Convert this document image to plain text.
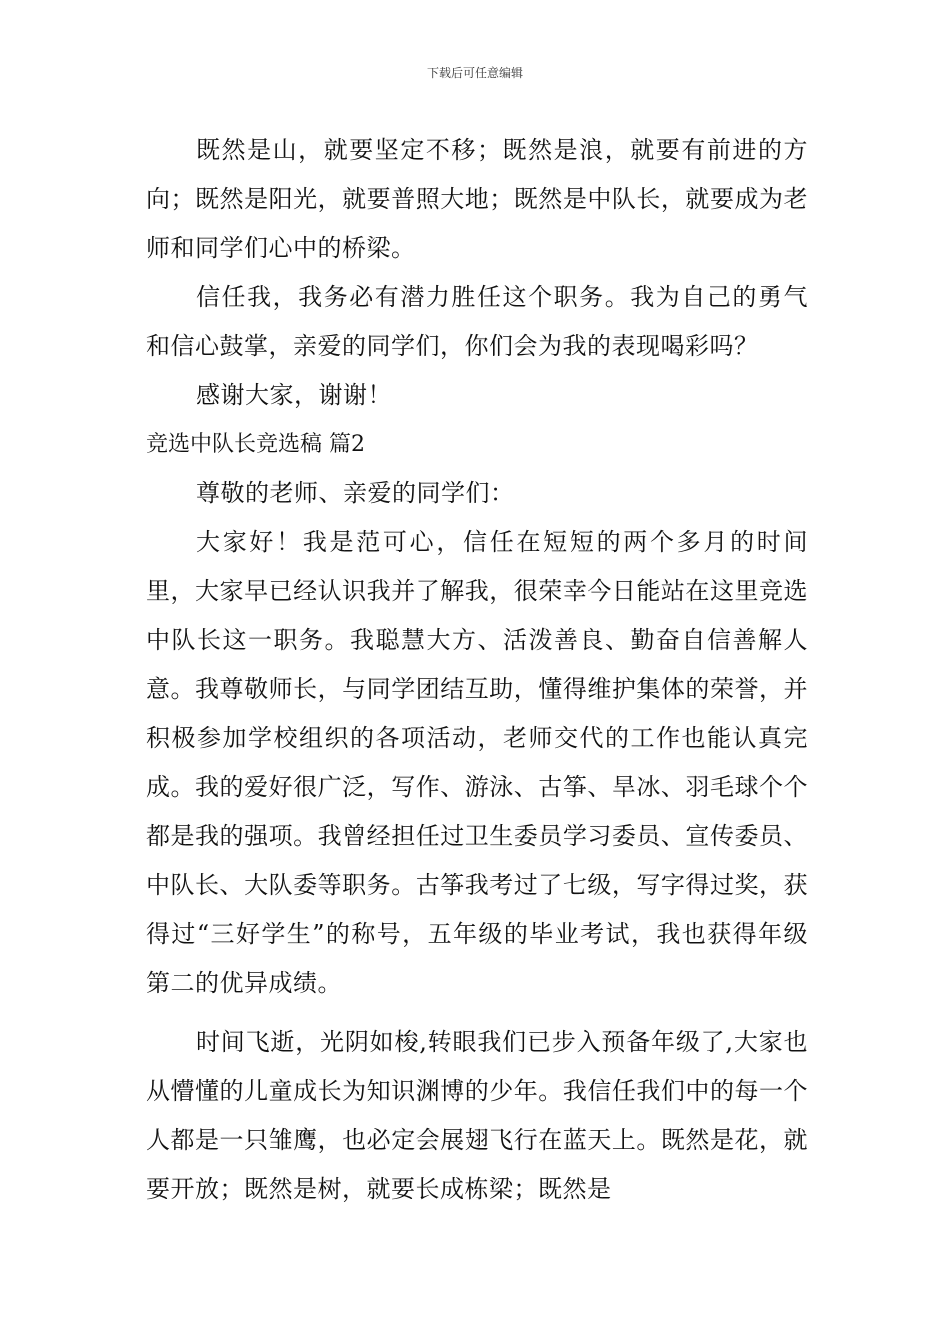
下载后可任意编辑

既然是山，就要坚定不移；既然是浪，就要有前进的方向；既然是阳光，就要普照大地；既然是中队长，就要成为老师和同学们心中的桥梁。

信任我，我务必有潜力胜任这个职务。我为自己的勇气和信心鼓掌，亲爱的同学们，你们会为我的表现喝彩吗？

感谢大家，谢谢！

竞选中队长竞选稿 篇2

尊敬的老师、亲爱的同学们：

大家好！我是范可心，信任在短短的两个多月的时间里，大家早已经认识我并了解我，很荣幸今日能站在这里竞选中队长这一职务。我聪慧大方、活泼善良、勤奋自信善解人意。我尊敬师长，与同学团结互助，懂得维护集体的荣誉，并积极参加学校组织的各项活动，老师交代的工作也能认真完成。我的爱好很广泛，写作、游泳、古筝、旱冰、羽毛球个个都是我的强项。我曾经担任过卫生委员学习委员、宣传委员、中队长、大队委等职务。古筝我考过了七级，写字得过奖，获得过“三好学生”的称号，五年级的毕业考试，我也获得年级第二的优异成绩。

时间飞逝，光阴如梭,转眼我们已步入预备年级了,大家也从懵懂的儿童成长为知识渊博的少年。我信任我们中的每一个人都是一只雏鹰，也必定会展翅飞行在蓝天上。既然是花，就要开放；既然是树，就要长成栋梁；既然是
